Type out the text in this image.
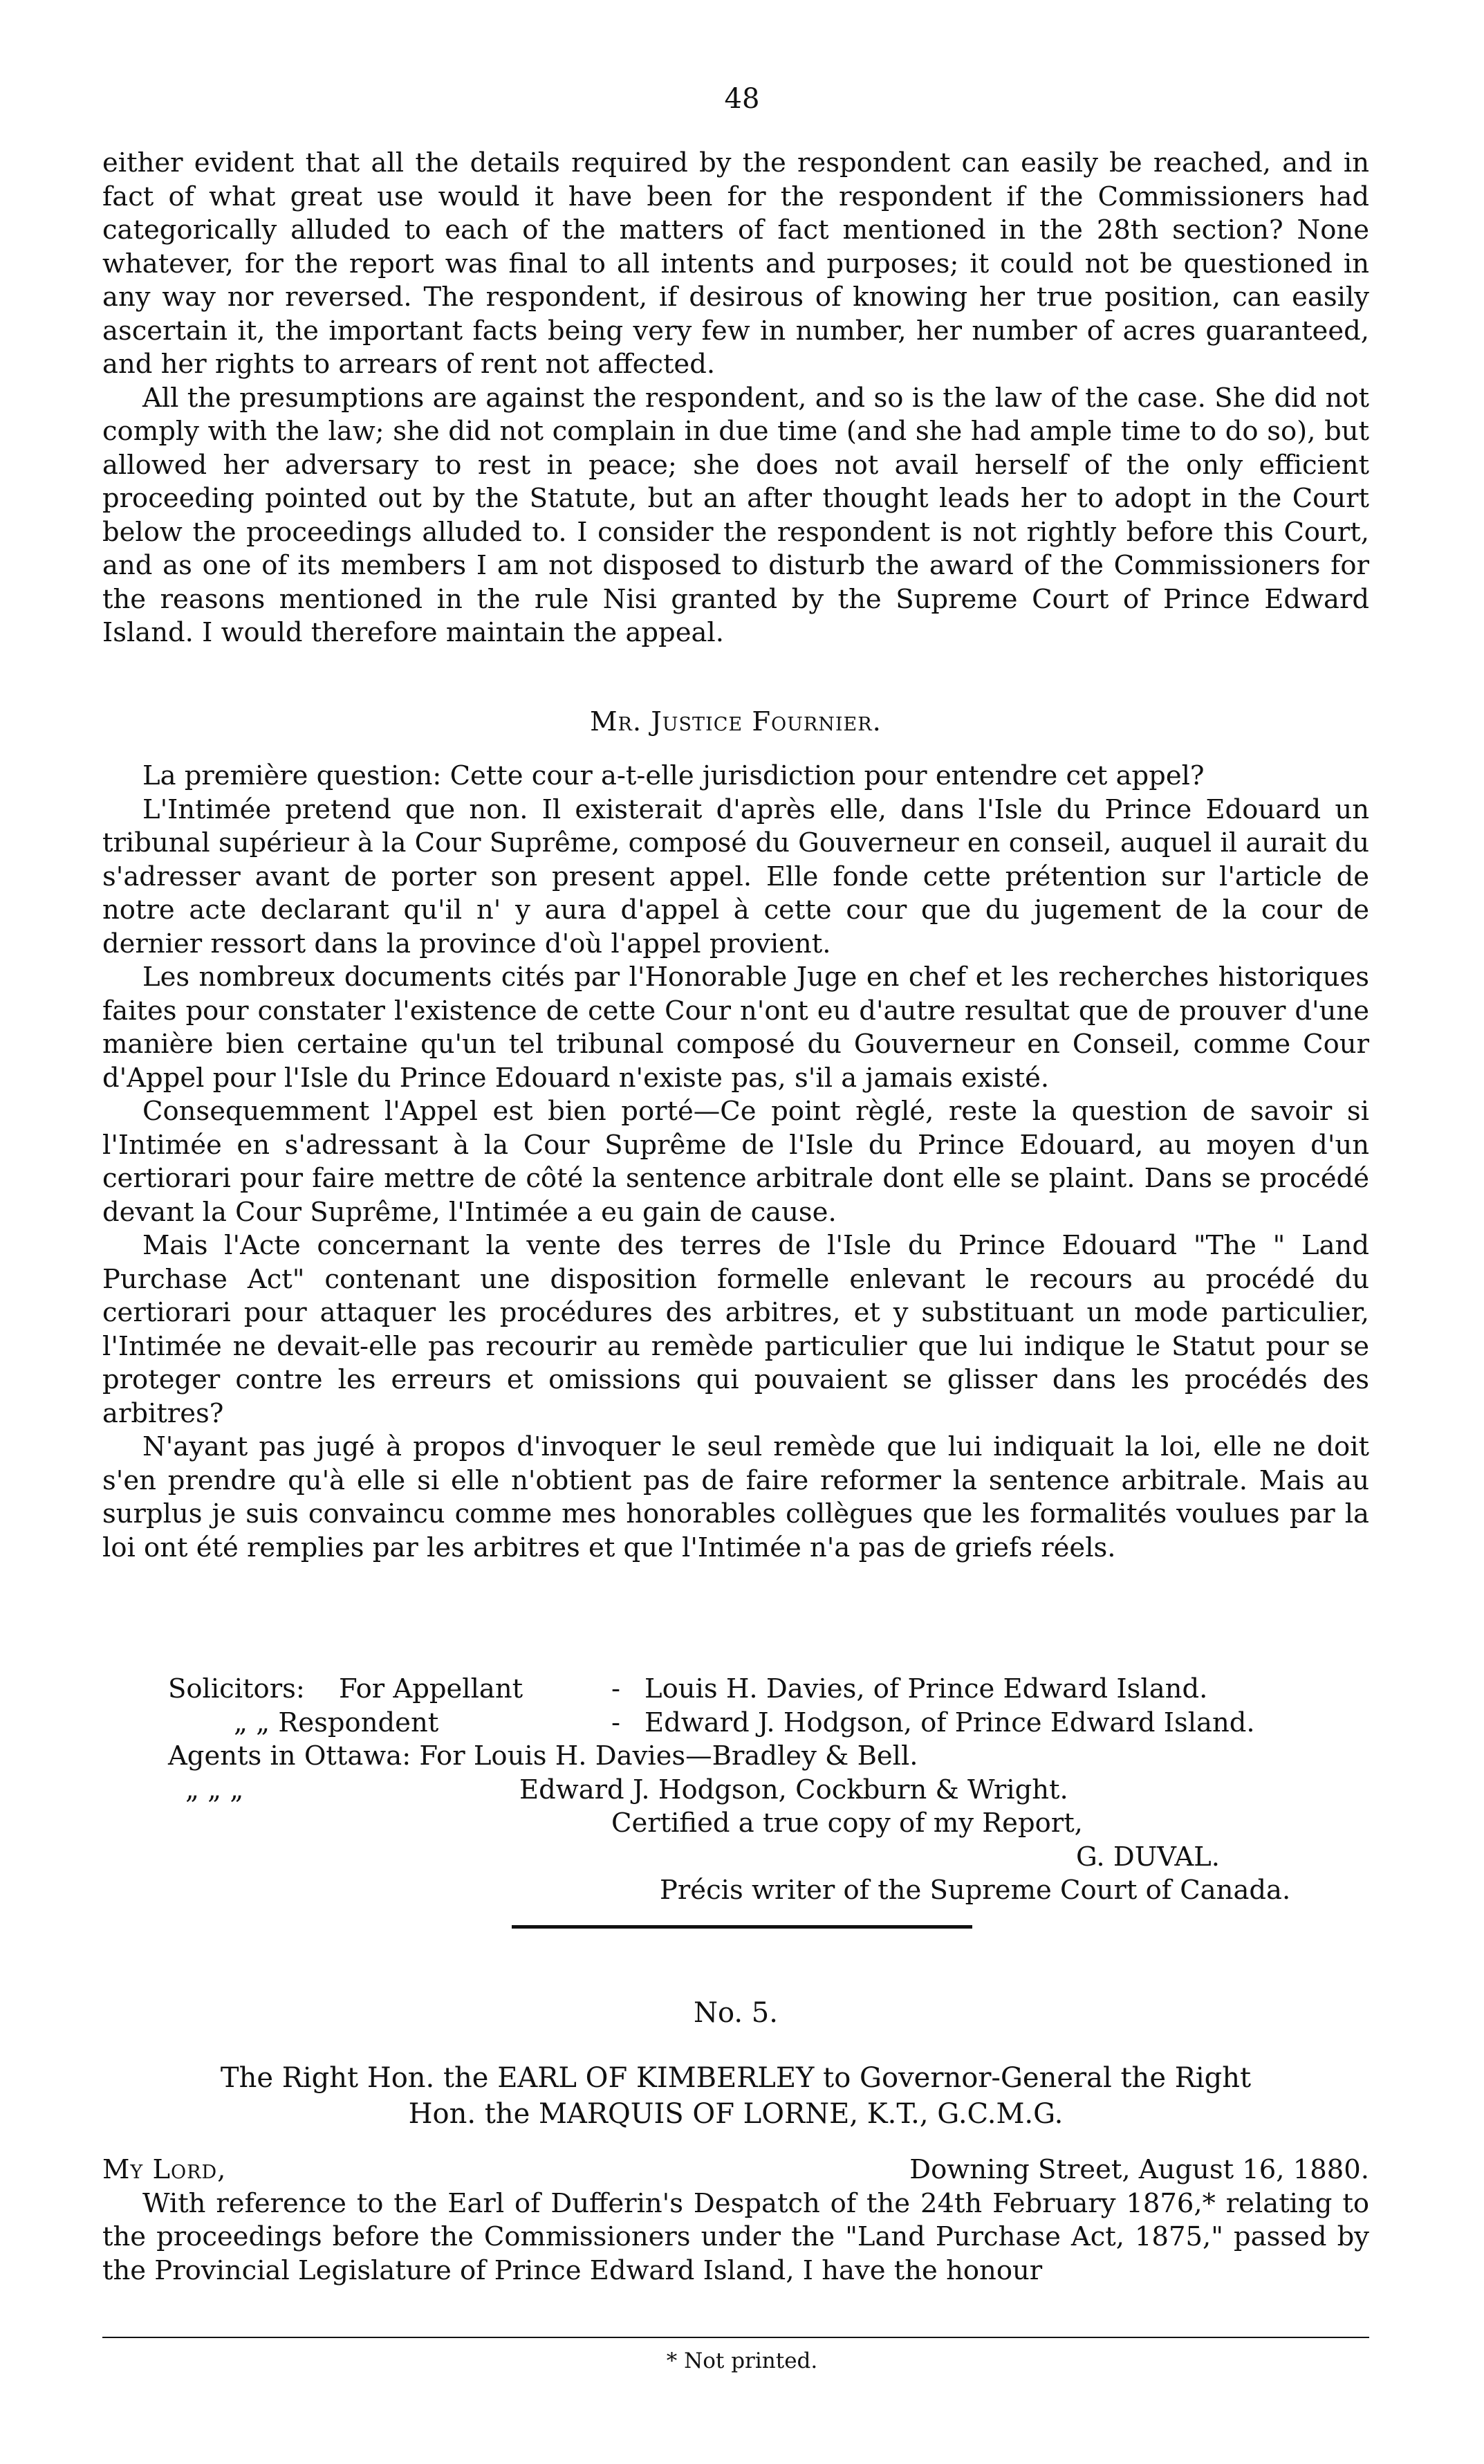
48

either evident that all the details required by the respondent can easily be reached, and in fact of what great use would it have been for the respondent if the Commissioners had categorically alluded to each of the matters of fact mentioned in the 28th section? None whatever, for the report was final to all intents and purposes; it could not be questioned in any way nor reversed. The respondent, if desirous of knowing her true position, can easily ascertain it, the important facts being very few in number, her number of acres guaranteed, and her rights to arrears of rent not affected.

All the presumptions are against the respondent, and so is the law of the case. She did not comply with the law; she did not complain in due time (and she had ample time to do so), but allowed her adversary to rest in peace; she does not avail herself of the only efficient proceeding pointed out by the Statute, but an after thought leads her to adopt in the Court below the proceedings alluded to. I consider the respondent is not rightly before this Court, and as one of its members I am not disposed to disturb the award of the Commissioners for the reasons mentioned in the rule Nisi granted by the Supreme Court of Prince Edward Island. I would therefore maintain the appeal.

Mr. Justice Fournier.

La première question: Cette cour a-t-elle jurisdiction pour entendre cet appel?

L'Intimée pretend que non. Il existerait d'après elle, dans l'Isle du Prince Edouard un tribunal supérieur à la Cour Suprême, composé du Gouverneur en conseil, auquel il aurait du s'adresser avant de porter son present appel. Elle fonde cette prétention sur l'article de notre acte declarant qu'il n' y aura d'appel à cette cour que du jugement de la cour de dernier ressort dans la province d'où l'appel provient.

Les nombreux documents cités par l'Honorable Juge en chef et les recherches historiques faites pour constater l'existence de cette Cour n'ont eu d'autre resultat que de prouver d'une manière bien certaine qu'un tel tribunal composé du Gouverneur en Conseil, comme Cour d'Appel pour l'Isle du Prince Edouard n'existe pas, s'il a jamais existé.

Consequemment l'Appel est bien porté—Ce point règlé, reste la question de savoir si l'Intimée en s'adressant à la Cour Suprême de l'Isle du Prince Edouard, au moyen d'un certiorari pour faire mettre de côté la sentence arbitrale dont elle se plaint. Dans se procédé devant la Cour Suprême, l'Intimée a eu gain de cause.

Mais l'Acte concernant la vente des terres de l'Isle du Prince Edouard "The " Land Purchase Act" contenant une disposition formelle enlevant le recours au procédé du certiorari pour attaquer les procédures des arbitres, et y substituant un mode particulier, l'Intimée ne devait-elle pas recourir au remède particulier que lui indique le Statut pour se proteger contre les erreurs et omissions qui pouvaient se glisser dans les procédés des arbitres?

N'ayant pas jugé à propos d'invoquer le seul remède que lui indiquait la loi, elle ne doit s'en prendre qu'à elle si elle n'obtient pas de faire reformer la sentence arbitrale. Mais au surplus je suis convaincu comme mes honorables collègues que les formalités voulues par la loi ont été remplies par les arbitres et que l'Intimée n'a pas de griefs réels.

Solicitors: For Appellant	- Louis H. Davies, of Prince Edward Island.
„ „ Respondent	- Edward J. Hodgson, of Prince Edward Island.
Agents in Ottawa: For Louis H. Davies—Bradley & Bell.
„ „ „	Edward J. Hodgson, Cockburn & Wright.
Certified a true copy of my Report,
G. DUVAL.
Précis writer of the Supreme Court of Canada.
No. 5.
The Right Hon. the EARL OF KIMBERLEY to Governor-General the Right
Hon. the MARQUIS OF LORNE, K.T., G.C.M.G.
My Lord,	Downing Street, August 16, 1880.

With reference to the Earl of Dufferin's Despatch of the 24th February 1876,* relating to the proceedings before the Commissioners under the "Land Purchase Act, 1875," passed by the Provincial Legislature of Prince Edward Island, I have the honour

* Not printed.
